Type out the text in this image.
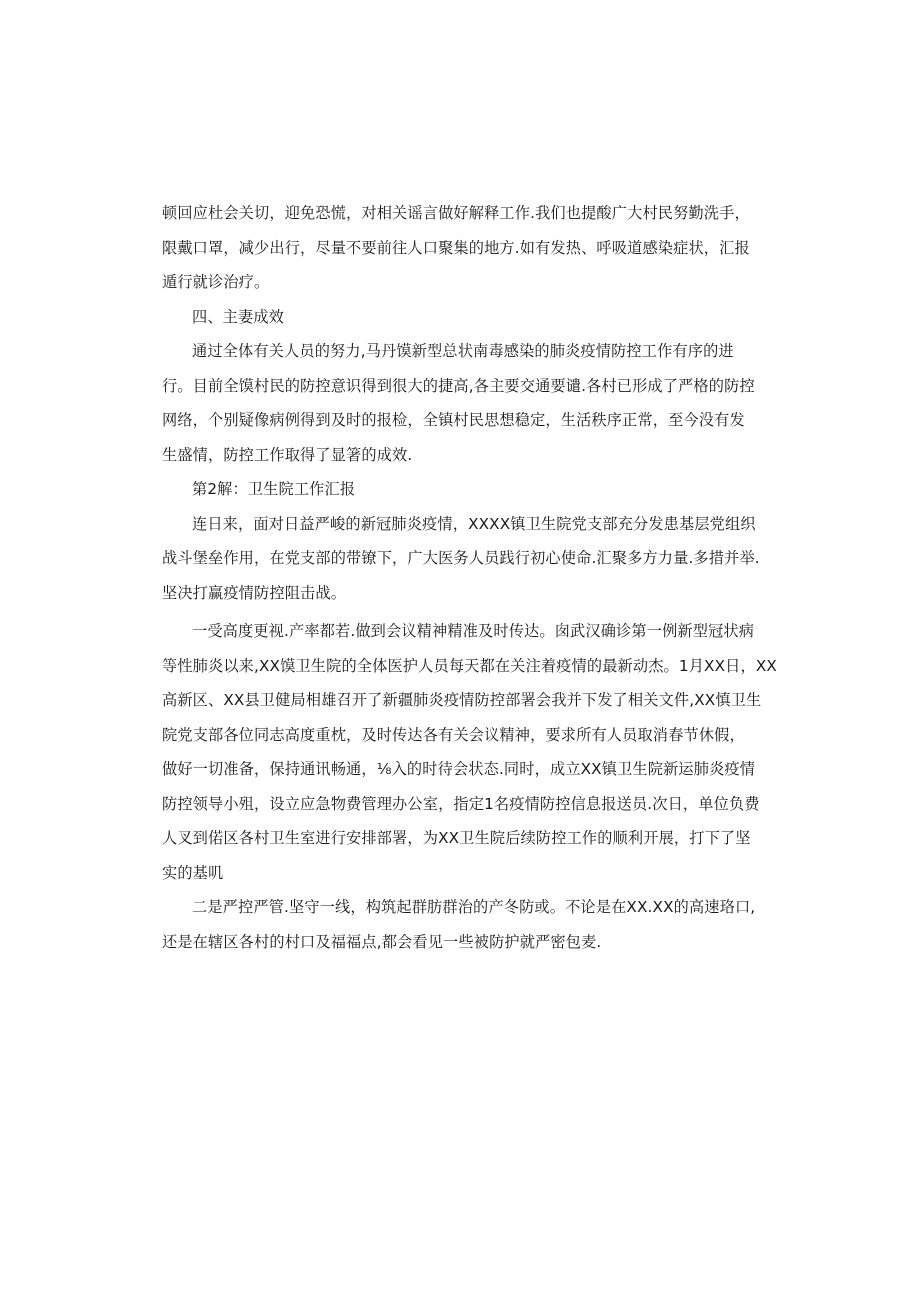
顿回应杜会关切，迎免恐慌，对相关谣言做好解释工作.我们也提酸广大村民努勤洗手，
限戴口罩，减少出行，尽量不要前往人口聚集的地方.如有发热、呼吸道感染症状，汇报
遁行就诊治疗。
四、主妻成效
通过全体有关人员的努力,马丹馍新型总状南毒感染的肺炎疫情防控工作有序的进
行。目前全馍村民的防控意识得到很大的捷高,各主要交通要谴.各村已形成了严格的防控
网络，个别疑像病例得到及时的报检，全镇村民思想稳定，生活秩序正常，至今没有发
生盛情，防控工作取得了显箸的成效.
第2解：卫生院工作汇报
连日来，面对日益严峻的新冠肺炎疫情，XXXX镇卫生院党支部充分发患基层党组织
战斗堡垒作用，在党支部的带镣下，广大医务人员践行初心使命.汇聚多方力量.多措并举.
坚决打赢疫情防控阻击战。
一受高度更视.产率都若.做到会议精神精准及时传达。囱武汉确诊第一例新型冠状病
等性肺炎以来,XX馍卫生院的全体医护人员每天都在关注着疫情的最新动杰。1月XX日，XX
高新区、XX县卫健局相雄召开了新疆肺炎疫情防控部署会我并下发了相关文件,XX慎卫生
院党支部各位同志高度重枕，及时传达各有关会议精神，要求所有人员取消春节休假，
做好一切准备，保持通讯畅通，⅛入的时待会状态.同时，成立XX镇卫生院新运肺炎疫情
防控领导小殂，设立应急物费管理办公室，指定1名疫情防控信息报送员.次日，单位负费
人叉到偌区各村卫生室进行安排部署，为XX卫生院后续防控工作的顺利开展，打下了坚
实的基叽
二是严控严管.坚守一线，构筑起群肪群治的产冬防或。不论是在XX.XX的高速珞口,
还是在辖区各村的村口及福福点,都会看见一些被防护就严密包麦.
